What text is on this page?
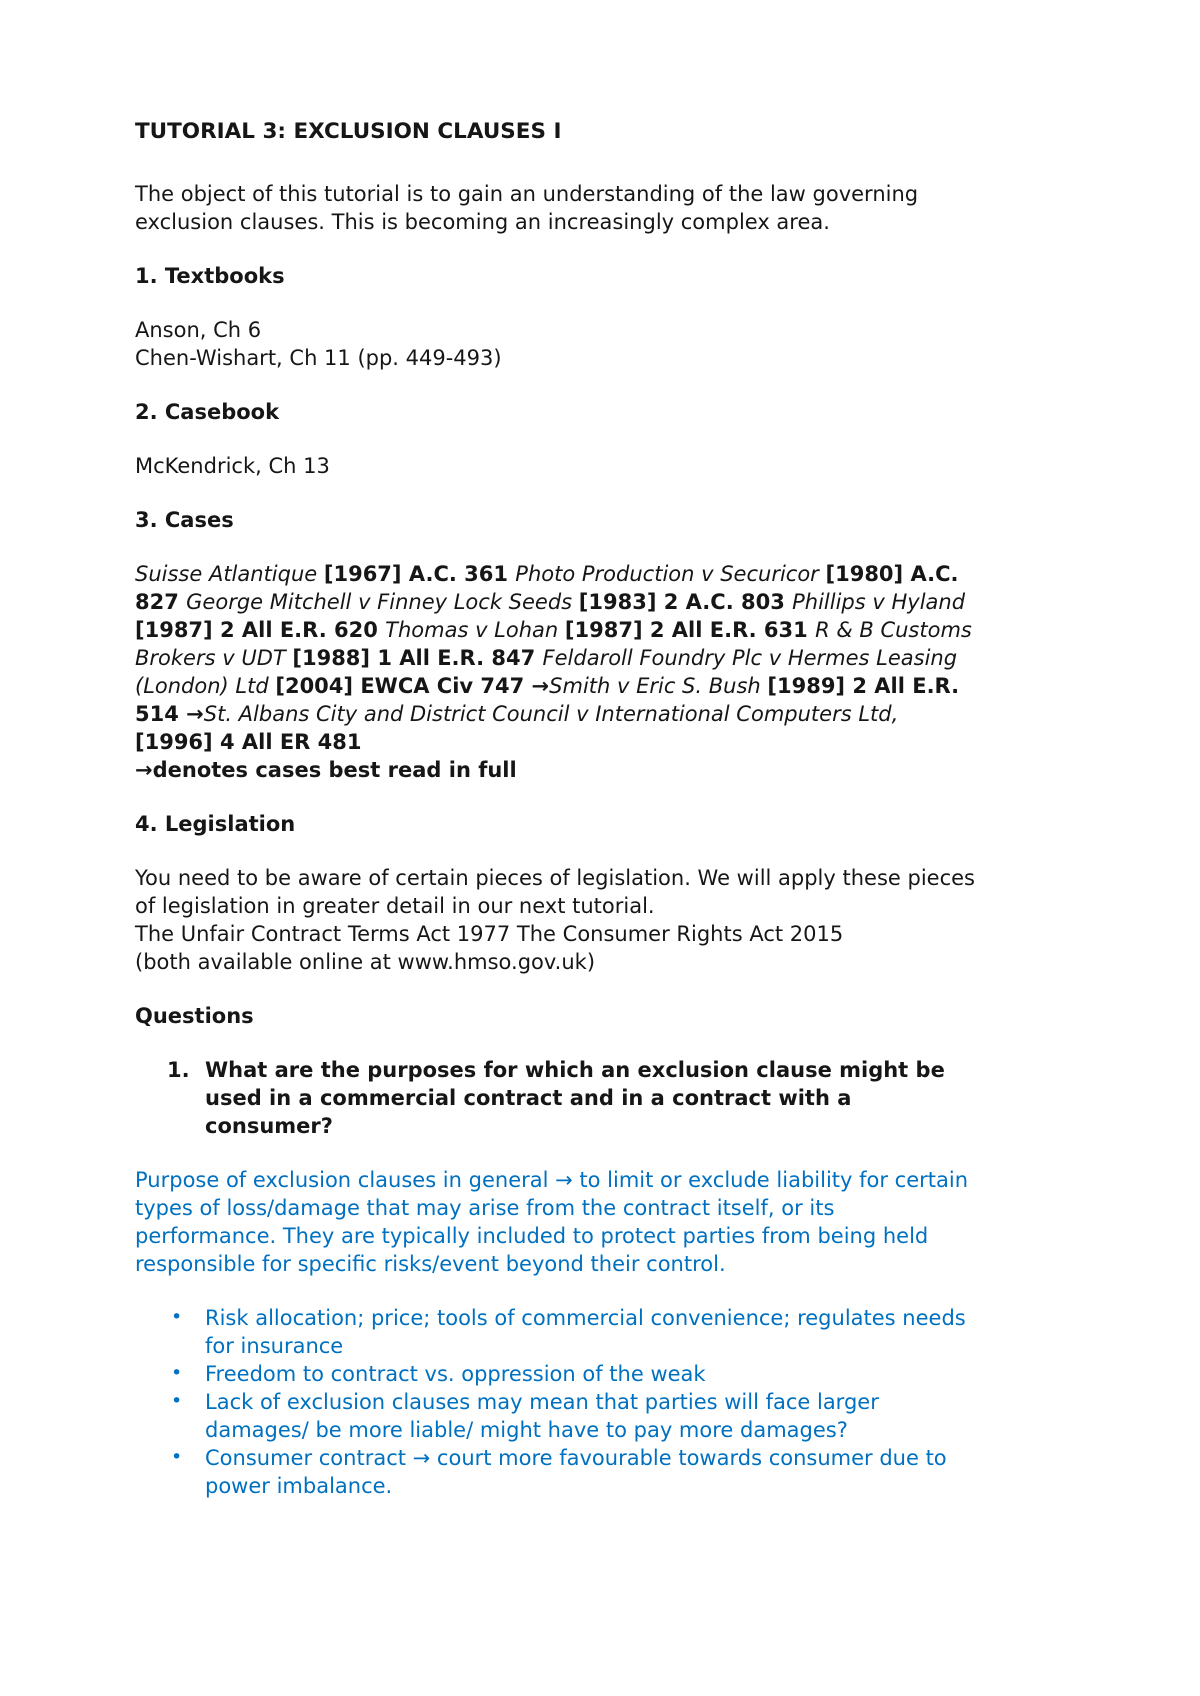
TUTORIAL 3: EXCLUSION CLAUSES I

The object of this tutorial is to gain an understanding of the law governing exclusion clauses. This is becoming an increasingly complex area.

1. Textbooks

Anson, Ch 6
Chen-Wishart, Ch 11 (pp. 449-493)

2. Casebook

McKendrick, Ch 13

3. Cases

Suisse Atlantique [1967] A.C. 361 Photo Production v Securicor [1980] A.C. 827 George Mitchell v Finney Lock Seeds [1983] 2 A.C. 803 Phillips v Hyland [1987] 2 All E.R. 620 Thomas v Lohan [1987] 2 All E.R. 631 R & B Customs Brokers v UDT [1988] 1 All E.R. 847 Feldaroll Foundry Plc v Hermes Leasing (London) Ltd [2004] EWCA Civ 747 →Smith v Eric S. Bush [1989] 2 All E.R. 514 →St. Albans City and District Council v International Computers Ltd, [1996] 4 All ER 481
→denotes cases best read in full

4. Legislation

You need to be aware of certain pieces of legislation. We will apply these pieces of legislation in greater detail in our next tutorial.
The Unfair Contract Terms Act 1977 The Consumer Rights Act 2015
(both available online at www.hmso.gov.uk)

Questions
1. What are the purposes for which an exclusion clause might be used in a commercial contract and in a contract with a consumer?

Purpose of exclusion clauses in general → to limit or exclude liability for certain types of loss/damage that may arise from the contract itself, or its performance. They are typically included to protect parties from being held responsible for specific risks/event beyond their control.

• Risk allocation; price; tools of commercial convenience; regulates needs for insurance
• Freedom to contract vs. oppression of the weak
• Lack of exclusion clauses may mean that parties will face larger damages/ be more liable/ might have to pay more damages?
• Consumer contract → court more favourable towards consumer due to power imbalance.
